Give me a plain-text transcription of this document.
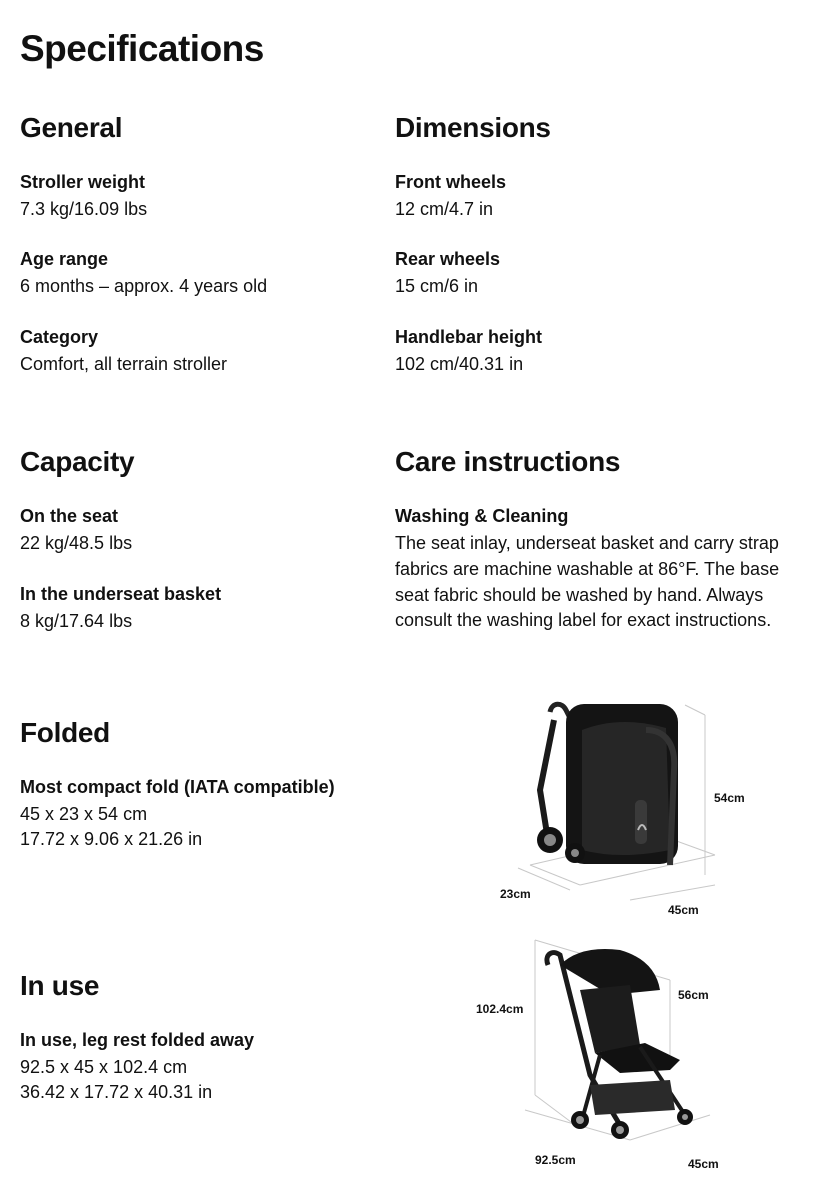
Specifications
General
Stroller weight
7.3 kg/16.09 lbs
Age range
6 months – approx. 4 years old
Category
Comfort, all terrain stroller
Dimensions
Front wheels
12 cm/4.7 in
Rear wheels
15 cm/6 in
Handlebar height
102 cm/40.31 in
Capacity
On the seat
22 kg/48.5 lbs
In the underseat basket
8 kg/17.64 lbs
Care instructions
Washing & Cleaning
The seat inlay, underseat basket and carry strap fabrics are machine washable at 86°F. The base seat fabric should be washed by hand. Always consult the washing label for exact instructions.
Folded
Most compact fold (IATA compatible)
45 x 23 x 54 cm
17.72 x 9.06 x 21.26 in
54cm
23cm
45cm
In use
In use, leg rest folded away
92.5 x 45 x 102.4 cm
36.42 x 17.72 x 40.31 in
102.4cm
56cm
92.5cm	45cm
